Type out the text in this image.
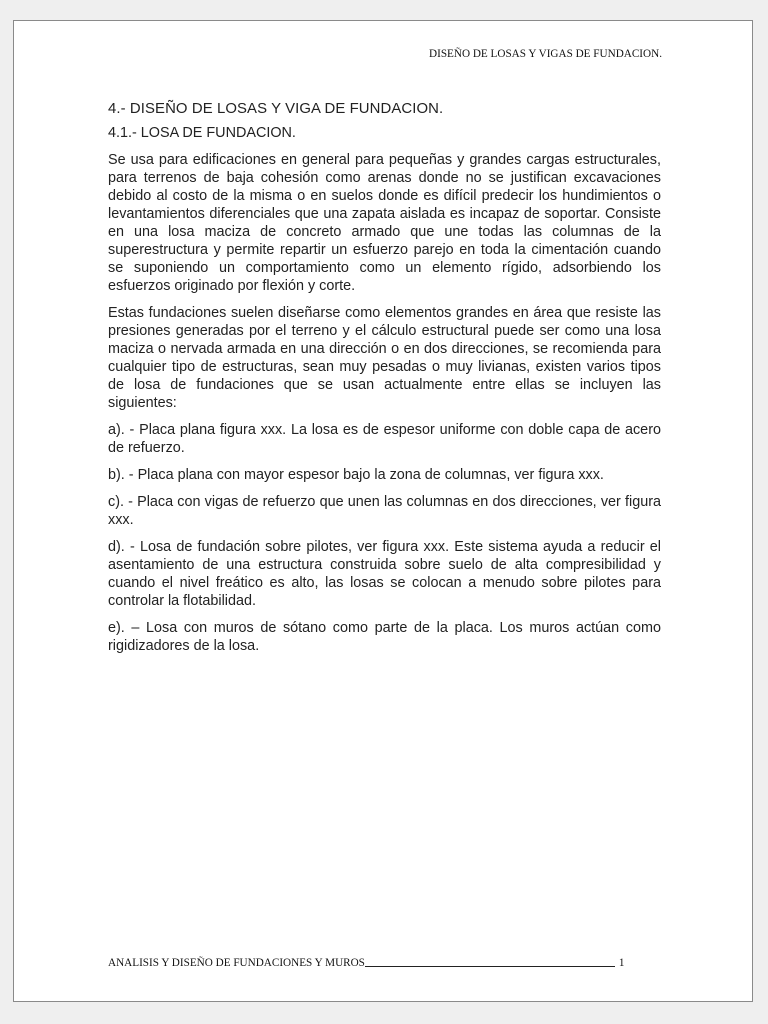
DISEÑO DE LOSAS Y VIGAS DE FUNDACION.
4.- DISEÑO DE LOSAS Y VIGA DE FUNDACION.
4.1.- LOSA DE FUNDACION.

Se usa para edificaciones en general para pequeñas y grandes cargas estructurales, para terrenos de baja cohesión como arenas donde no se justifican excavaciones debido al costo de la misma o en suelos donde es difícil predecir los hundimientos o levantamientos diferenciales que una zapata aislada es incapaz de soportar. Consiste en una losa maciza de concreto armado que une todas las columnas de la superestructura y permite repartir un esfuerzo parejo en toda la cimentación cuando se suponiendo un comportamiento como un elemento rígido, adsorbiendo los esfuerzos originado por flexión y corte.

Estas fundaciones suelen diseñarse como elementos grandes en área que resiste las presiones generadas por el terreno y el cálculo estructural puede ser como una losa maciza o nervada armada en una dirección o en dos direcciones, se recomienda para cualquier tipo de estructuras, sean muy pesadas o muy livianas, existen varios tipos de losa de fundaciones que se usan actualmente entre ellas se incluyen las siguientes:

a). - Placa plana figura xxx. La losa es de espesor uniforme con doble capa de acero de refuerzo.

b). - Placa plana con mayor espesor bajo la zona de columnas, ver figura xxx.

c). - Placa con vigas de refuerzo que unen las columnas en dos direcciones, ver figura xxx.

d). - Losa de fundación sobre pilotes, ver figura xxx. Este sistema ayuda a reducir el asentamiento de una estructura construida sobre suelo de alta compresibilidad y cuando el nivel freático es alto, las losas se colocan a menudo sobre pilotes para controlar la flotabilidad.

e). – Losa con muros de sótano como parte de la placa. Los muros actúan como rigidizadores de la losa.

ANALISIS Y DISEÑO DE FUNDACIONES Y MUROS	1
